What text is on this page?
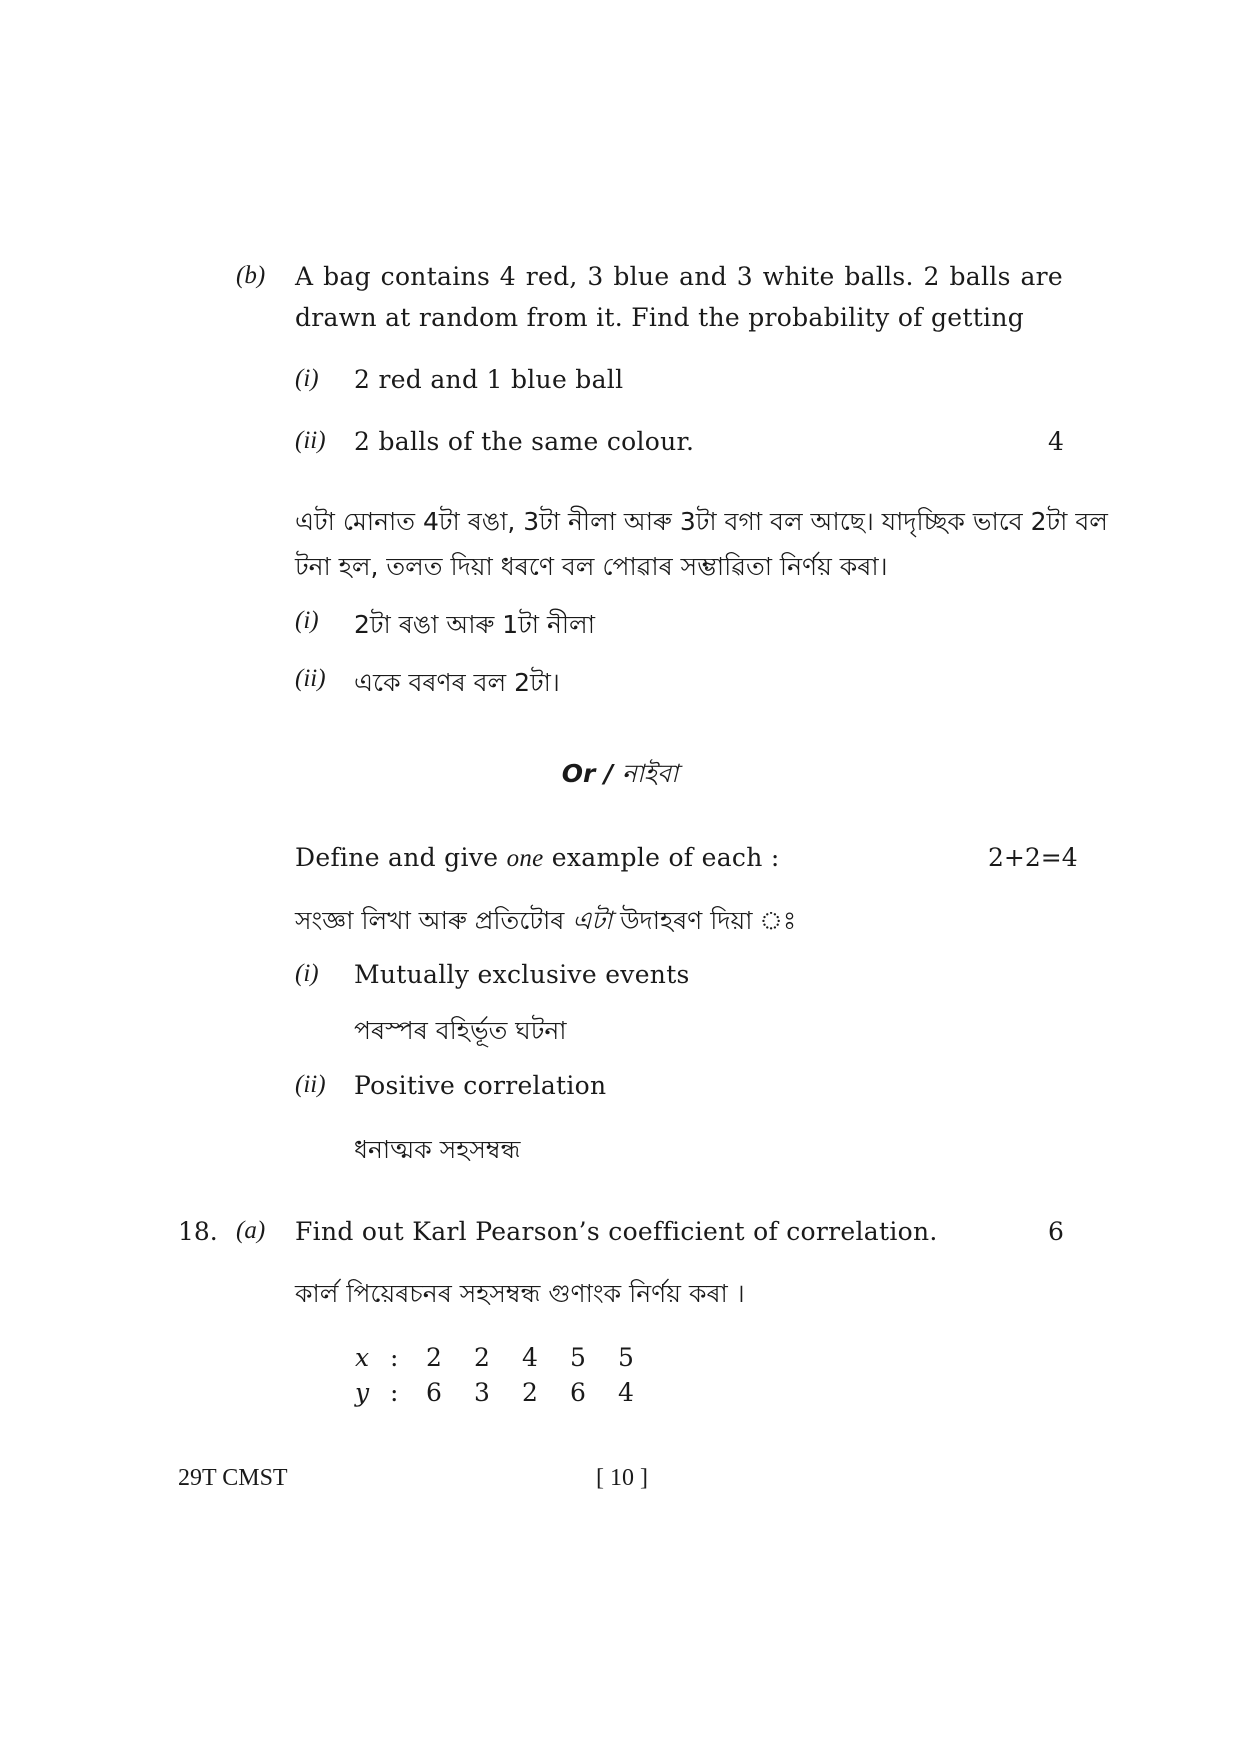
(b) A bag contains 4 red, 3 blue and 3 white balls. 2 balls are
drawn at random from it. Find the probability of getting
(i) 2 red and 1 blue ball
(ii) 2 balls of the same colour.	4
এটা মোনাত 4টা ৰঙা, 3টা নীলা আৰু 3টা বগা বল আছে। যাদৃচ্ছিক ভাবে 2টা বল
টনা হল, তলত দিয়া ধৰণে বল পোৱাৰ সম্ভাৱিতা নিৰ্ণয় কৰা।
(i) 2টা ৰঙা আৰু 1টা নীলা
(ii) একে বৰণৰ বল 2টা।
Or / নাইবা
Define and give one example of each :	2+2=4
সংজ্ঞা লিখা আৰু প্ৰতিটোৰ এটা উদাহৰণ দিয়া ঃ
(i) Mutually exclusive events
পৰস্পৰ বহিৰ্ভূত ঘটনা
(ii) Positive correlation
ধনাত্মক সহসম্বন্ধ
18. (a) Find out Karl Pearson’s coefficient of correlation.	6
কাৰ্ল পিয়েৰচনৰ সহসম্বন্ধ গুণাংক নিৰ্ণয় কৰা ।
x	:	2	2	4	5	5
y	:	6	3	2	6	4
29T CMST	[ 10 ]
